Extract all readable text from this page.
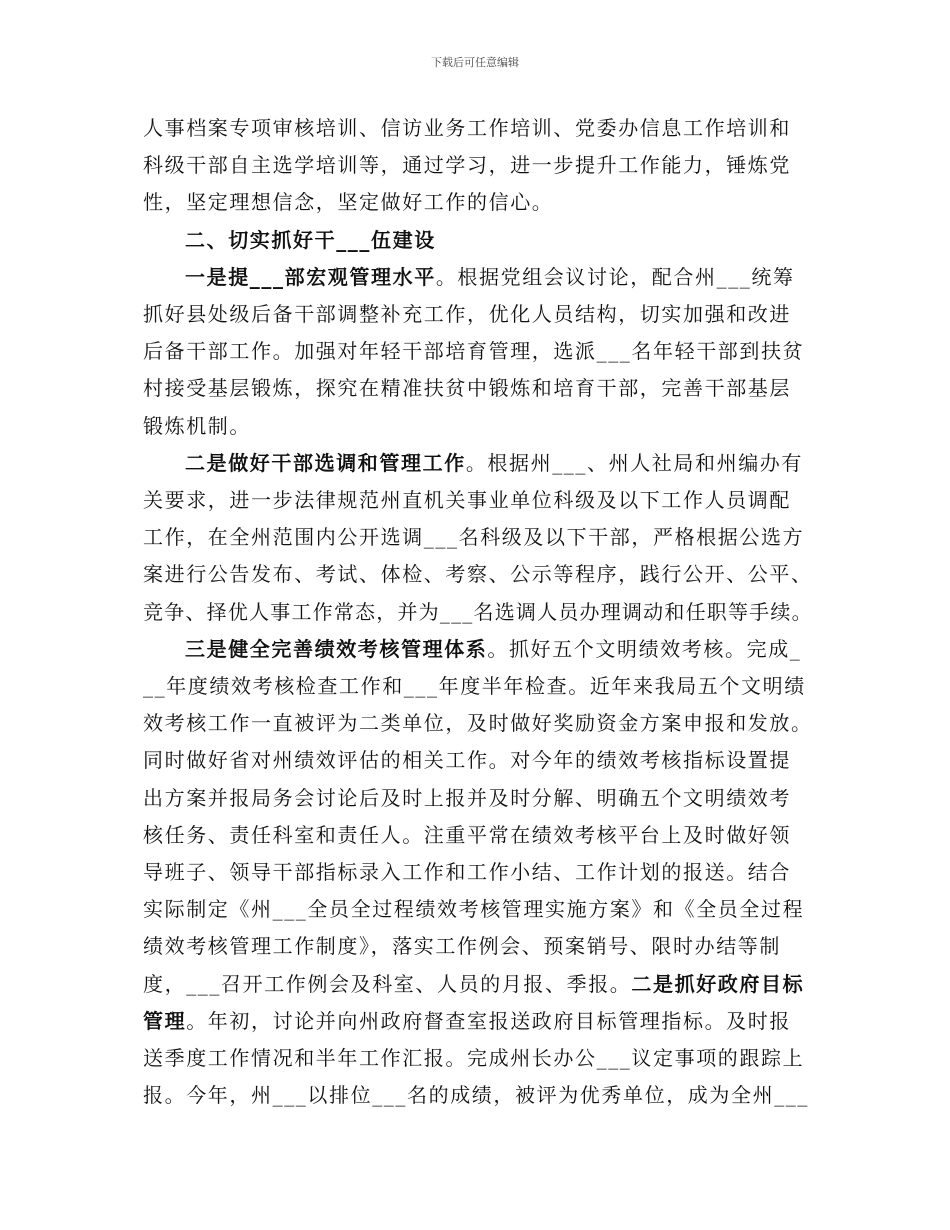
下载后可任意编辑
人事档案专项审核培训、信访业务工作培训、党委办信息工作培训和
科级干部自主选学培训等，通过学习，进一步提升工作能力，锤炼党
性，坚定理想信念，坚定做好工作的信心。
二、切实抓好干___伍建设
一是提___部宏观管理水平。根据党组会议讨论，配合州___统筹
抓好县处级后备干部调整补充工作，优化人员结构，切实加强和改进
后备干部工作。加强对年轻干部培育管理，选派___名年轻干部到扶贫
村接受基层锻炼，探究在精准扶贫中锻炼和培育干部，完善干部基层
锻炼机制。
二是做好干部选调和管理工作。根据州___、州人社局和州编办有
关要求，进一步法律规范州直机关事业单位科级及以下工作人员调配
工作，在全州范围内公开选调___名科级及以下干部，严格根据公选方
案进行公告发布、考试、体检、考察、公示等程序，践行公开、公平、
竞争、择优人事工作常态，并为___名选调人员办理调动和任职等手续。
三是健全完善绩效考核管理体系。抓好五个文明绩效考核。完成_
__年度绩效考核检查工作和___年度半年检查。近年来我局五个文明绩
效考核工作一直被评为二类单位，及时做好奖励资金方案申报和发放。
同时做好省对州绩效评估的相关工作。对今年的绩效考核指标设置提
出方案并报局务会讨论后及时上报并及时分解、明确五个文明绩效考
核任务、责任科室和责任人。注重平常在绩效考核平台上及时做好领
导班子、领导干部指标录入工作和工作小结、工作计划的报送。结合
实际制定《州___全员全过程绩效考核管理实施方案》和《全员全过程
绩效考核管理工作制度》，落实工作例会、预案销号、限时办结等制
度，___召开工作例会及科室、人员的月报、季报。二是抓好政府目标
管理。年初，讨论并向州政府督查室报送政府目标管理指标。及时报
送季度工作情况和半年工作汇报。完成州长办公___议定事项的跟踪上
报。今年，州___以排位___名的成绩，被评为优秀单位，成为全州___
